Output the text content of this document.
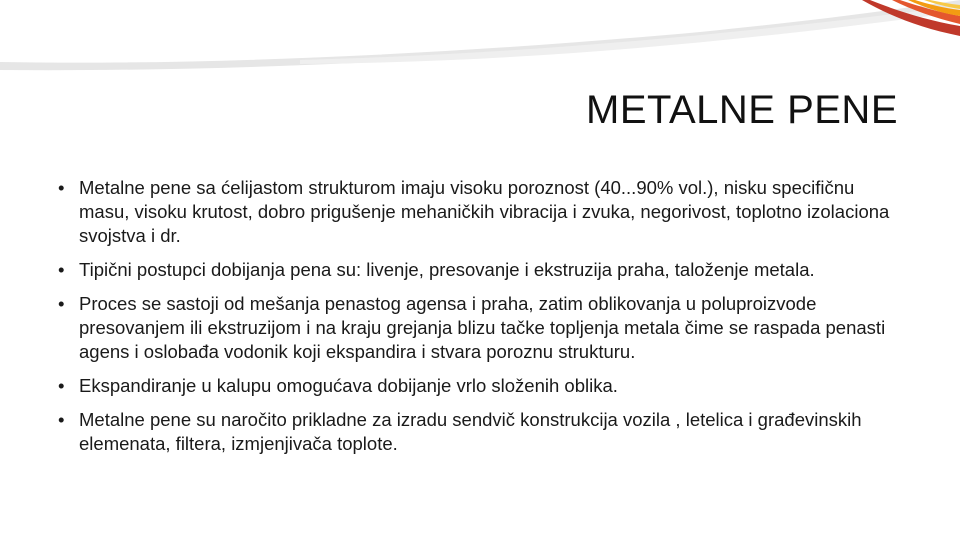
METALNE PENE
• Metalne pene sa ćelijastom strukturom imaju visoku poroznost (40...90% vol.), nisku specifičnu masu, visoku krutost, dobro prigušenje mehaničkih vibracija i zvuka, negorivost, toplotno izolaciona svojstva i dr.
• Tipični postupci dobijanja pena su: livenje, presovanje i ekstruzija praha, taloženje metala.
• Proces se sastoji od mešanja penastog agensa i praha, zatim oblikovanja u poluproizvode presovanjem ili ekstruzijom i na kraju grejanja blizu tačke topljenja metala čime se raspada penasti agens i oslobađa vodonik koji ekspandira i stvara poroznu strukturu.
• Ekspandiranje u kalupu omogućava dobijanje vrlo složenih oblika.
• Metalne pene su naročito prikladne za izradu sendvič konstrukcija vozila , letelica i građevinskih elemenata, filtera, izmjenjivača toplote.
